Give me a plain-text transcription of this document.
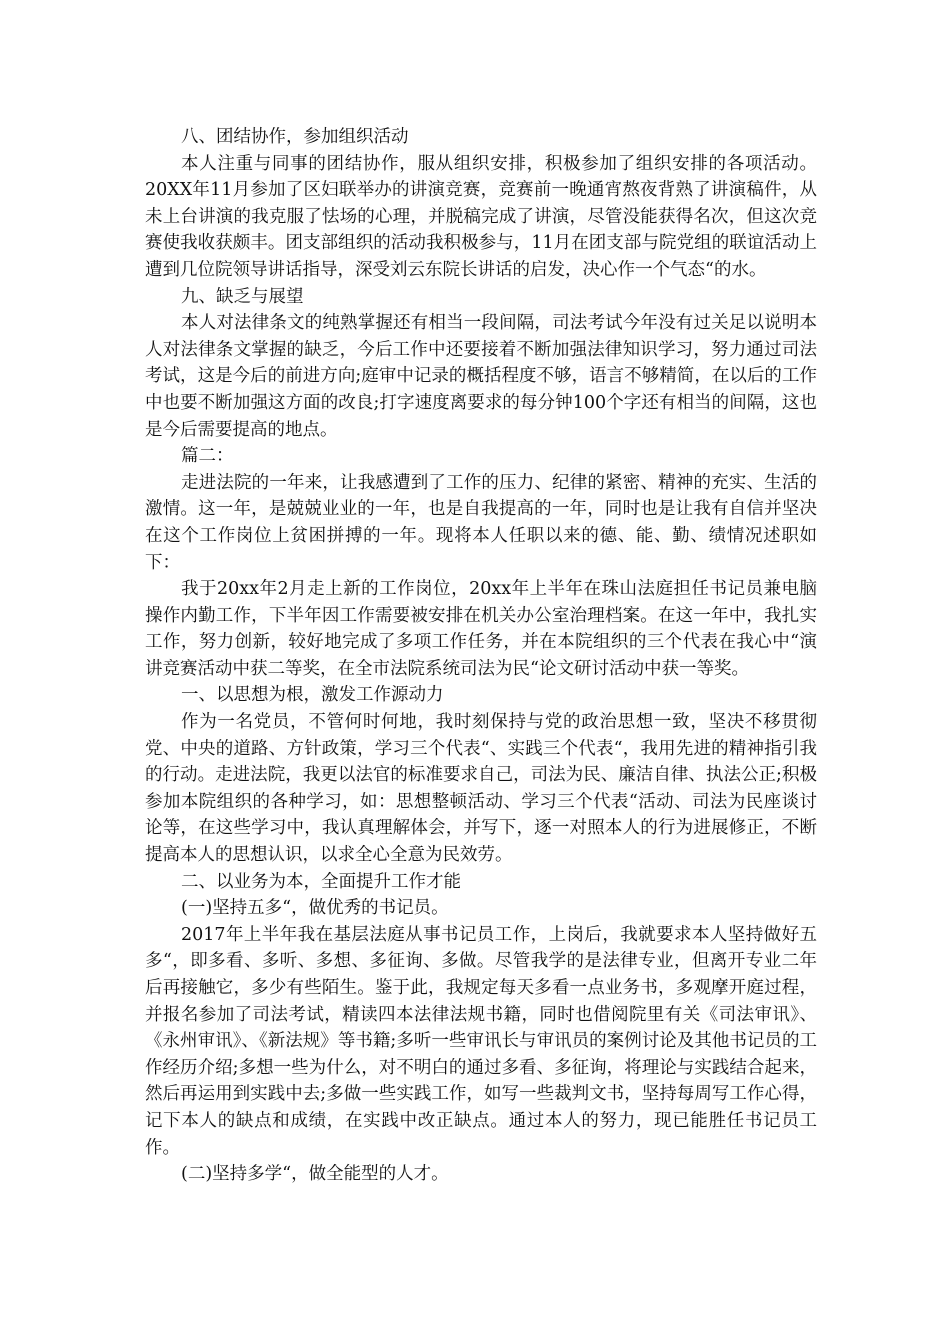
八、团结协作，参加组织活动

本人注重与同事的团结协作，服从组织安排，积极参加了组织安排的各项活动。20XX年11月参加了区妇联举办的讲演竞赛，竞赛前一晚通宵熬夜背熟了讲演稿件，从未上台讲演的我克服了怯场的心理，并脱稿完成了讲演，尽管没能获得名次，但这次竞赛使我收获颇丰。团支部组织的活动我积极参与，11月在团支部与院党组的联谊活动上遭到几位院领导讲话指导，深受刘云东院长讲话的启发，决心作一个气态“的水。

九、缺乏与展望

本人对法律条文的纯熟掌握还有相当一段间隔，司法考试今年没有过关足以说明本人对法律条文掌握的缺乏，今后工作中还要接着不断加强法律知识学习，努力通过司法考试，这是今后的前进方向;庭审中记录的概括程度不够，语言不够精简，在以后的工作中也要不断加强这方面的改良;打字速度离要求的每分钟100个字还有相当的间隔，这也是今后需要提高的地点。

篇二：

走进法院的一年来，让我感遭到了工作的压力、纪律的紧密、精神的充实、生活的激情。这一年，是兢兢业业的一年，也是自我提高的一年，同时也是让我有自信并坚决在这个工作岗位上贫困拼搏的一年。现将本人任职以来的德、能、勤、绩情况述职如下：

我于20xx年2月走上新的工作岗位，20xx年上半年在珠山法庭担任书记员兼电脑操作内勤工作，下半年因工作需要被安排在机关办公室治理档案。在这一年中，我扎实工作，努力创新，较好地完成了多项工作任务，并在本院组织的三个代表在我心中“演讲竞赛活动中获二等奖，在全市法院系统司法为民“论文研讨活动中获一等奖。

一、以思想为根，激发工作源动力

作为一名党员，不管何时何地，我时刻保持与党的政治思想一致，坚决不移贯彻党、中央的道路、方针政策，学习三个代表“、实践三个代表“，我用先进的精神指引我的行动。走进法院，我更以法官的标准要求自己，司法为民、廉洁自律、执法公正;积极参加本院组织的各种学习，如：思想整顿活动、学习三个代表“活动、司法为民座谈讨论等，在这些学习中，我认真理解体会，并写下，逐一对照本人的行为进展修正，不断提高本人的思想认识，以求全心全意为民效劳。

二、以业务为本，全面提升工作才能

(一)坚持五多“，做优秀的书记员。

2017年上半年我在基层法庭从事书记员工作，上岗后，我就要求本人坚持做好五多“，即多看、多听、多想、多征询、多做。尽管我学的是法律专业，但离开专业二年后再接触它，多少有些陌生。鉴于此，我规定每天多看一点业务书，多观摩开庭过程，并报名参加了司法考试，精读四本法律法规书籍，同时也借阅院里有关《司法审讯》、《永州审讯》、《新法规》等书籍;多听一些审讯长与审讯员的案例讨论及其他书记员的工作经历介绍;多想一些为什么，对不明白的通过多看、多征询，将理论与实践结合起来，然后再运用到实践中去;多做一些实践工作，如写一些裁判文书，坚持每周写工作心得，记下本人的缺点和成绩，在实践中改正缺点。通过本人的努力，现已能胜任书记员工作。

(二)坚持多学“，做全能型的人才。
